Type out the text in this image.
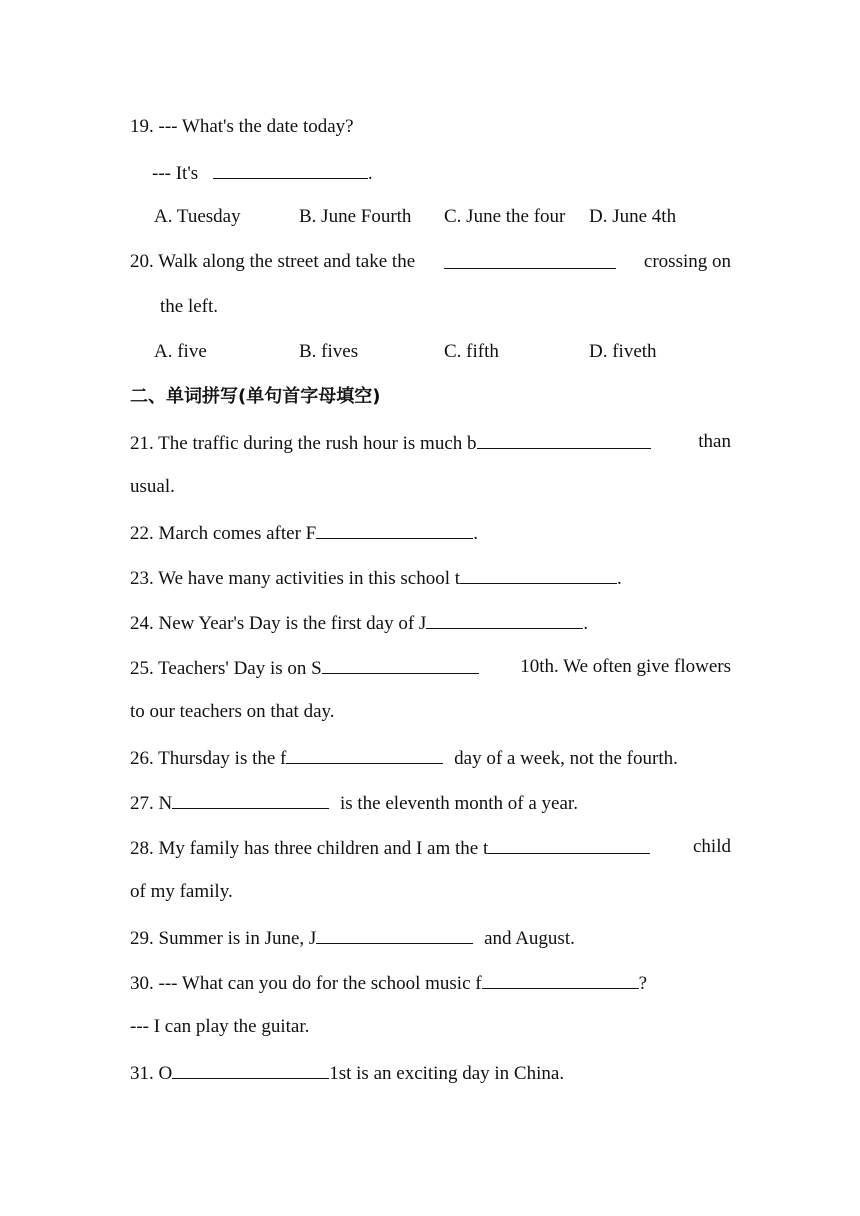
19. --- What's the date today?
--- It's	.
A. Tuesday	B. June Fourth	C. June the four	D. June 4th
20. Walk along the street and take the	crossing on
the left.
A. five	B. fives	C. fifth	D. fiveth
二、单词拼写(单句首字母填空)
21. The traffic during the rush hour is much b	than
usual.
22. March comes after F	.
23. We have many activities in this school t	.
24. New Year's Day is the first day of J	.
25. Teachers' Day is on S	10th. We often give flowers
to our teachers on that day.
26. Thursday is the f	day of a week, not the fourth.
27. N	is the eleventh month of a year.
28. My family has three children and I am the t	child
of my family.
29. Summer is in June, J	and August.
30. --- What can you do for the school music f	?
--- I can play the guitar.
31. O	1st is an exciting day in China.
